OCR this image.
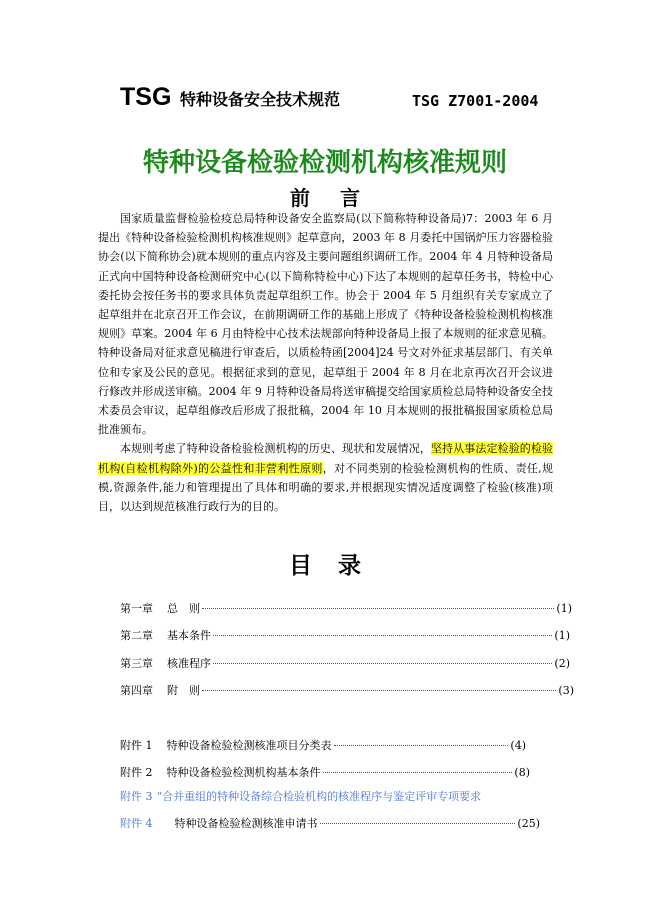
TSG 特种设备安全技术规范	TSG Z7001-2004
特种设备检验检测机构核准规则
前言

国家质量监督检验检疫总局特种设备安全监察局(以下简称特种设备局)7：2003 年 6 月提出《特种设备检验检测机构核准规则》起草意向，2003 年 8 月委托中国锅炉压力容器检验协会(以下简称协会)就本规则的重点内容及主要问题组织调研工作。2004 年 4 月特种设备局正式向中国特种设备检测研究中心(以下简称特检中心)下达了本规则的起草任务书，特检中心委托协会按任务书的要求具体负责起草组织工作。协会于 2004 年 5 月组织有关专家成立了起草组并在北京召开工作会议，在前期调研工作的基础上形成了《特种设备检验检测机构核准规则》草案。2004 年 6 月由特检中心技术法规部向特种设备局上报了本规则的征求意见稿。特种设备局对征求意见稿进行审查后，以质检特函[2004]24 号文对外征求基层部门、有关单位和专家及公民的意见。根据征求到的意见，起草组于 2004 年 8 月在北京再次召开会议进行修改并形成送审稿。2004 年 9 月特种设备局将送审稿提交给国家质检总局特种设备安全技术委员会审议，起草组修改后形成了报批稿，2004 年 10 月本规则的报批稿报国家质检总局批准颁布。

本规则考虑了特种设备检验检测机构的历史、现状和发展情况，坚持从事法定检验的检验机构(自检机构除外)的公益性和非营利性原则，对不同类别的检验检测机构的性质、责任,规模,资源条件,能力和管理提出了具体和明确的要求,并根据现实情况适度调整了检验(核准)项目，以达到规范核准行政行为的目的。

目录
第一章 总　则	(1)
第二章 基本条件	(1)
第三章 核准程序	(2)
第四章 附　则	(3)
附件 1 特种设备检验检测核准项目分类表	(4)
附件 2 特种设备检验检测机构基本条件	(8)
附件 3 “合并重组的特种设备综合检验机构的核准程序与鉴定评审专项要求
附件 4 特种设备检验检测核准申请书	(25)
